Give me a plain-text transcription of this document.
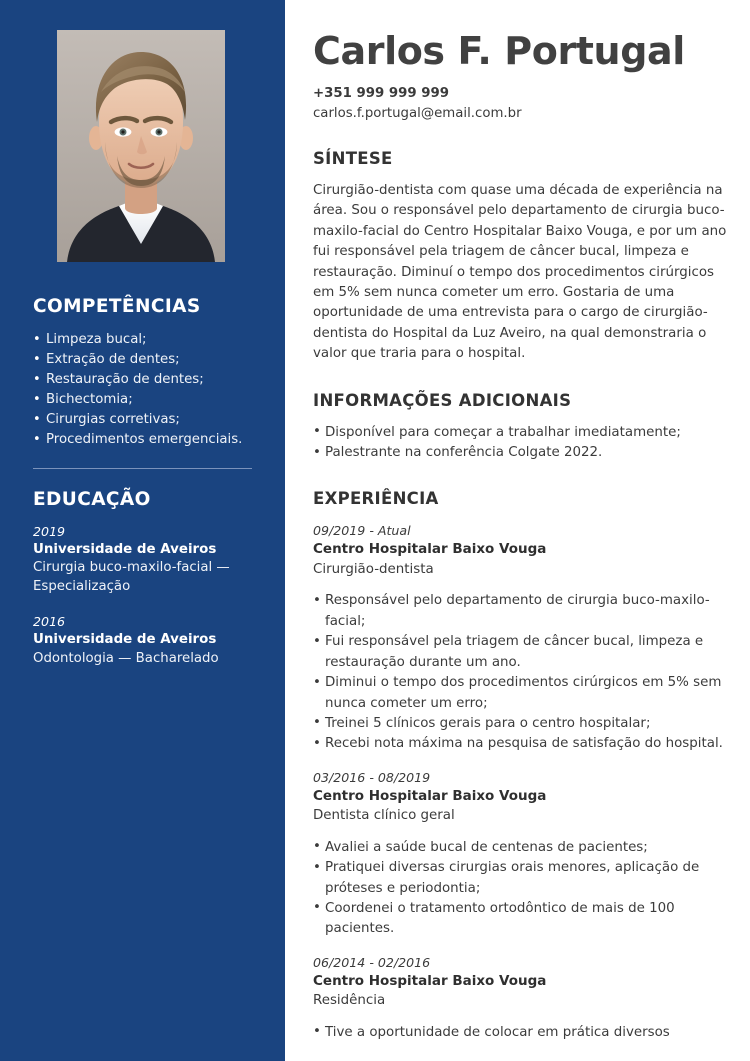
COMPETÊNCIAS
• Limpeza bucal;
• Extração de dentes;
• Restauração de dentes;
• Bichectomia;
• Cirurgias corretivas;
• Procedimentos emergenciais.
EDUCAÇÃO
2019
Universidade de Aveiros
Cirurgia buco-maxilo-facial — Especialização
2016
Universidade de Aveiros
Odontologia — Bacharelado
Carlos F. Portugal
+351 999 999 999
carlos.f.portugal@email.com.br
SÍNTESE

Cirurgião-dentista com quase uma década de experiência na área. Sou o responsável pelo departamento de cirurgia buco-maxilo-facial do Centro Hospitalar Baixo Vouga, e por um ano fui responsável pela triagem de câncer bucal, limpeza e restauração. Diminuí o tempo dos procedimentos cirúrgicos em 5% sem nunca cometer um erro. Gostaria de uma oportunidade de uma entrevista para o cargo de cirurgião-dentista do Hospital da Luz Aveiro, na qual demonstraria o valor que traria para o hospital.

INFORMAÇÕES ADICIONAIS
• Disponível para começar a trabalhar imediatamente;
• Palestrante na conferência Colgate 2022.
EXPERIÊNCIA
09/2019 - Atual
Centro Hospitalar Baixo Vouga
Cirurgião-dentista
• Responsável pelo departamento de cirurgia buco-maxilo-facial;
• Fui responsável pela triagem de câncer bucal, limpeza e restauração durante um ano.
• Diminui o tempo dos procedimentos cirúrgicos em 5% sem nunca cometer um erro;
• Treinei 5 clínicos gerais para o centro hospitalar;
• Recebi nota máxima na pesquisa de satisfação do hospital.
03/2016 - 08/2019
Centro Hospitalar Baixo Vouga
Dentista clínico geral
• Avaliei a saúde bucal de centenas de pacientes;
• Pratiquei diversas cirurgias orais menores, aplicação de próteses e periodontia;
• Coordenei o tratamento ortodôntico de mais de 100 pacientes.
06/2014 - 02/2016
Centro Hospitalar Baixo Vouga
Residência
• Tive a oportunidade de colocar em prática diversos
